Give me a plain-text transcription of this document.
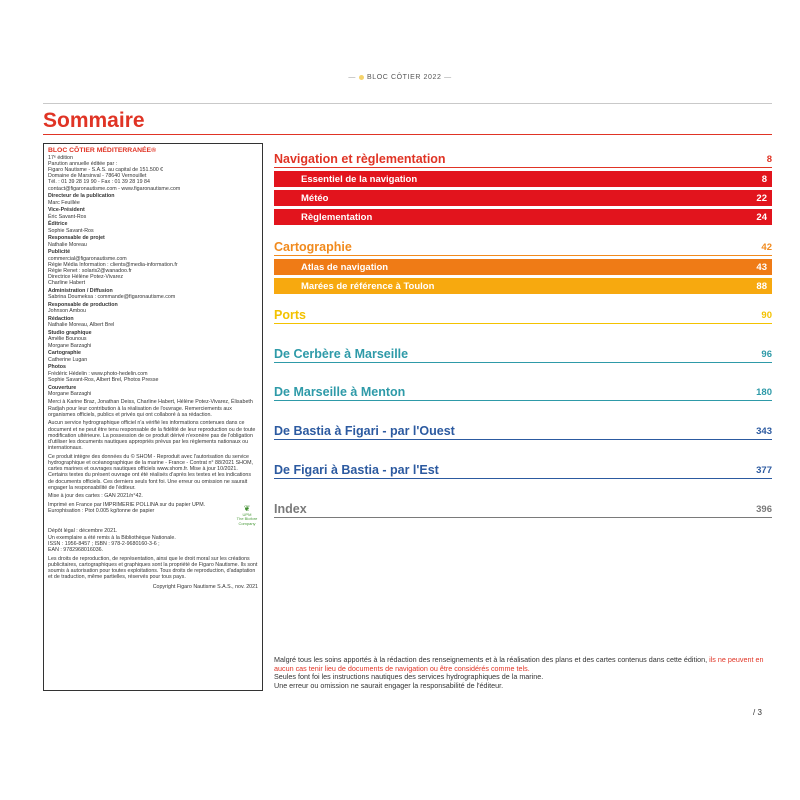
— BLOC CÔTIER 2022 —
Sommaire
BLOC CÔTIER MÉDITERRANÉE®
17ᵉ édition
Parution annuelle éditée par :
Figaro Nautisme - S.A.S. au capital de 151.500 €
Domaine de Marsinval - 78640 Vernouillet
Tél. : 01 39 28 19 90 - Fax : 01 39 28 19 84
contact@figaronautisme.com - www.figaronautisme.com
Directeur de la publication
Marc Feuillée
Vice-Président
Éric Savant-Ros
Éditrice
Sophie Savant-Ros
Responsable de projet
Nathalie Moreau
Publicité
commercial@figaronautisme.com
Régie Média Information : clients@media-information.fr
Régie Renet : solaris2@wanadoo.fr
Directrice Hélène Potez-Vivarez
Charline Habert
Administration / Diffusion
Sabrina Doumeksa : commande@figaronautisme.com
Responsable de production
Johnson Ambou
Rédaction
Nathalie Moreau, Albert Brel
Studio graphique
Amélie Bounous
Morgane Barzaghi
Cartographie
Catherine Lugan
Photos
Frédéric Hédelin : www.photo-hedelin.com
Sophie Savant-Ros, Albert Brel, Photos Presse
Couverture
Morgane Barzaghi
Merci à Karine Braz, Jonathan Deiss, Charline Habert, Hélène Potez-Vivarez, Élisabeth Radjah pour leur contribution à la réalisation de l'ouvrage. Remerciements aux organismes officiels, publics et privés qui ont collaboré à sa rédaction.
Aucun service hydrographique officiel n'a vérifié les informations contenues dans ce document et ne peut être tenu responsable de la fidélité de leur reproduction ou de toute modification ultérieure. La possession de ce produit dérivé n'exonère pas de l'obligation d'utiliser les documents nautiques appropriés prévus par les règlements nationaux ou internationaux.
Ce produit intègre des données du © SHOM - Reproduit avec l'autorisation du service hydrographique et océanographique de la marine - France - Contrat n° 88/2021 SHOM, cartes marines et ouvrages nautiques officiels www.shom.fr. Mise à jour 10/2021. Certains textes du présent ouvrage ont été réalisés d'après les textes et les indications de documents officiels. Ces derniers seuls font foi. Une erreur ou omission ne saurait engager la responsabilité de l'éditeur.
Mise à jour des cartes : GAN 2021/n°42.
Imprimé en France par IMPRIMERIE POLLINA sur du papier UPM.
Europhisation : Ptot 0.005 kg/tonne de papier	❦
UPM
The Biofore Company
Dépôt légal : décembre 2021.
Un exemplaire a été remis à la Bibliothèque Nationale.
ISSN : 1956-8457 ; ISBN : 978-2-9680160-3-6 ;
EAN : 9782968016036.
Les droits de reproduction, de représentation, ainsi que le droit moral sur les créations publicitaires, cartographiques et graphiques sont la propriété de Figaro Nautisme. Ils sont soumis à autorisation pour toutes exploitations. Tous droits de reproduction, d'adaptation et de traduction, même partielles, réservés pour tous pays.
Copyright Figaro Nautisme S.A.S., nov. 2021
Navigation et règlementation	8
Essentiel de la navigation	8
Météo	22
Règlementation	24
Cartographie	42
Atlas de navigation	43
Marées de référence à Toulon	88
Ports	90
De Cerbère à Marseille	96
De Marseille à Menton	180
De Bastia à Figari - par l'Ouest	343
De Figari à Bastia - par l'Est	377
Index	396
Malgré tous les soins apportés à la rédaction des renseignements et à la réalisation des plans et des cartes contenus dans cette édition, ils ne peuvent en aucun cas tenir lieu de documents de navigation ou être considérés comme tels.
Seules font foi les instructions nautiques des services hydrographiques de la marine.
Une erreur ou omission ne saurait engager la responsabilité de l'éditeur.
/ 3
